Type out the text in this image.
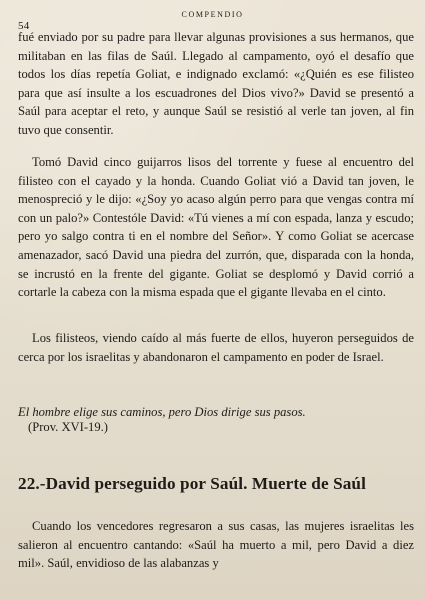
54
COMPENDIO

fué enviado por su padre para llevar algunas provisiones a sus hermanos, que militaban en las filas de Saúl. Llegado al campamento, oyó el desafío que todos los días repetía Goliat, e indignado exclamó: «¿Quién es ese filisteo para que así insulte a los escuadrones del Dios vivo?» David se presentó a Saúl para aceptar el reto, y aunque Saúl se resistió al verle tan joven, al fin tuvo que consentir.

Tomó David cinco guijarros lisos del torrente y fuese al encuentro del filisteo con el cayado y la honda. Cuando Goliat vió a David tan joven, le menospreció y le dijo: «¿Soy yo acaso algún perro para que vengas contra mí con un palo?» Contestóle David: «Tú vienes a mí con espada, lanza y escudo; pero yo salgo contra ti en el nombre del Señor». Y como Goliat se acercase amenazador, sacó David una piedra del zurrón, que, disparada con la honda, se incrustó en la frente del gigante. Goliat se desplomó y David corrió a cortarle la cabeza con la misma espada que el gigante llevaba en el cinto.

Los filisteos, viendo caído al más fuerte de ellos, huyeron perseguidos de cerca por los israelitas y abandonaron el campamento en poder de Israel.

El hombre elige sus caminos, pero Dios dirige sus pasos.

(Prov. XVI-19.)

22.-David perseguido por Saúl. Muerte de Saúl

Cuando los vencedores regresaron a sus casas, las mujeres israelitas les salieron al encuentro cantando: «Saúl ha muerto a mil, pero David a diez mil». Saúl, envidioso de las alabanzas y
